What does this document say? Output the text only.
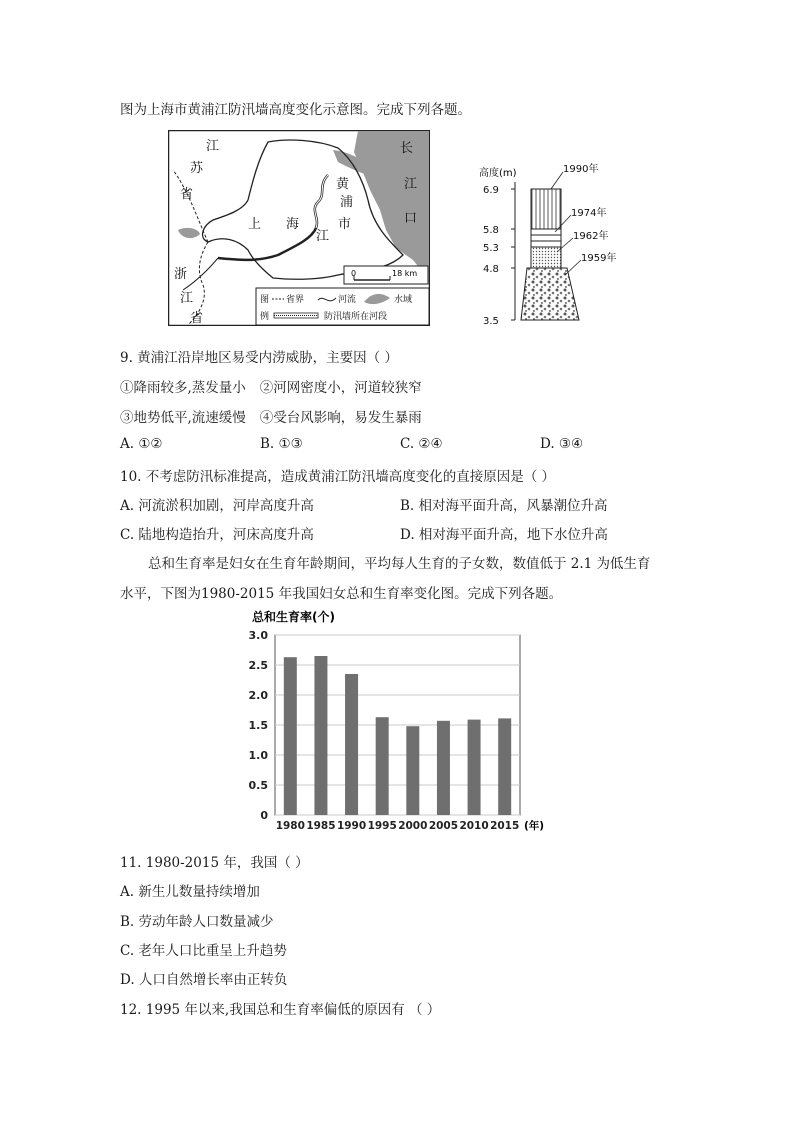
图为上海市黄浦江防汛墙高度变化示意图。完成下列各题。
江
苏
省
上 海	市
黄
浦
江
长
江
口
浙
江
省
0	18 km
图
例
省界	河流	水域
防汛墙所在河段
高度(m)
6.9
5.8
5.3
4.8
3.5
1990年
1974年
1962年
1959年
9. 黄浦江沿岸地区易受内涝威胁，主要因（ ）
①降雨较多,蒸发量小 ②河网密度小，河道较狭窄
③地势低平,流速缓慢 ④受台风影响，易发生暴雨
A. ①②	B. ①③	C. ②④	D. ③④
10. 不考虑防汛标准提高，造成黄浦江防汛墙高度变化的直接原因是（ ）
A. 河流淤积加剧，河岸高度升高	B. 相对海平面升高，风暴潮位升高
C. 陆地构造抬升，河床高度升高	D. 相对海平面升高，地下水位升高
总和生育率是妇女在生育年龄期间，平均每人生育的子女数，数值低于 2.1 为低生育
水平，下图为1980-2015 年我国妇女总和生育率变化图。完成下列各题。
总和生育率(个)
0
0.5
1.0
1.5
2.0
2.5
3.0
1980 1985 1990 1995 2000 2005 2010 2015 (年)
11. 1980-2015 年，我国（ ）
A. 新生儿数量持续增加
B. 劳动年龄人口数量减少
C. 老年人口比重呈上升趋势
D. 人口自然增长率由正转负
12. 1995 年以来,我国总和生育率偏低的原因有 （ ）
